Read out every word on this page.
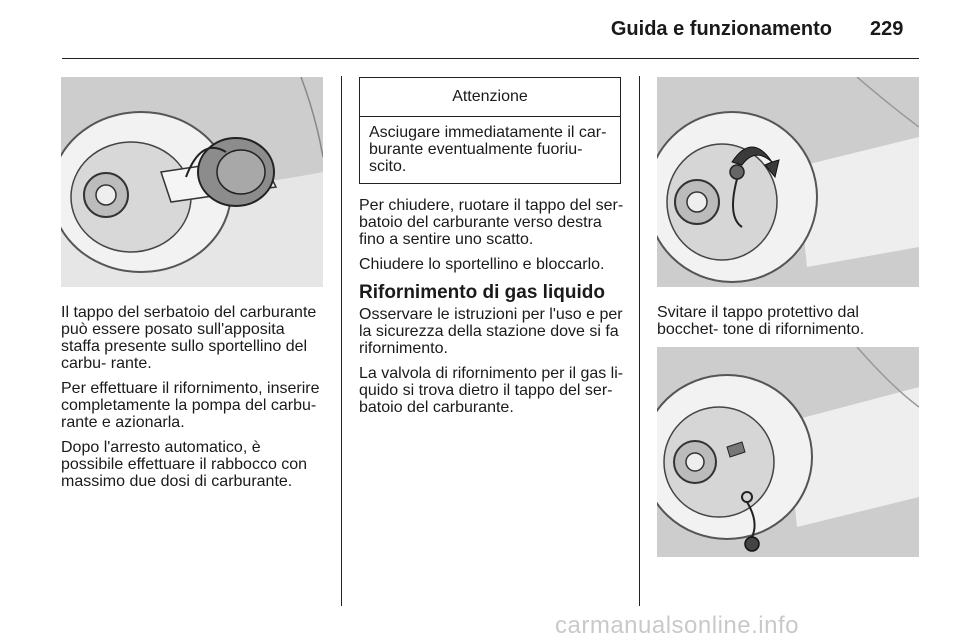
Guida e funzionamento 229

Il tappo del serbatoio del carburante può essere posato sull'apposita staffa presente sullo sportellino del carbu- rante.

Per effettuare il rifornimento, inserire completamente la pompa del carbu- rante e azionarla.

Dopo l'arresto automatico, è possibile effettuare il rabbocco con massimo due dosi di carburante.

Attenzione
Asciugare immediatamente il car- burante eventualmente fuoriu- scito.

Per chiudere, ruotare il tappo del ser- batoio del carburante verso destra fino a sentire uno scatto.

Chiudere lo sportellino e bloccarlo.

Rifornimento di gas liquido

Osservare le istruzioni per l'uso e per la sicurezza della stazione dove si fa rifornimento.

La valvola di rifornimento per il gas li- quido si trova dietro il tappo del ser- batoio del carburante.

Svitare il tappo protettivo dal bocchet- tone di rifornimento.

carmanualsonline.info
